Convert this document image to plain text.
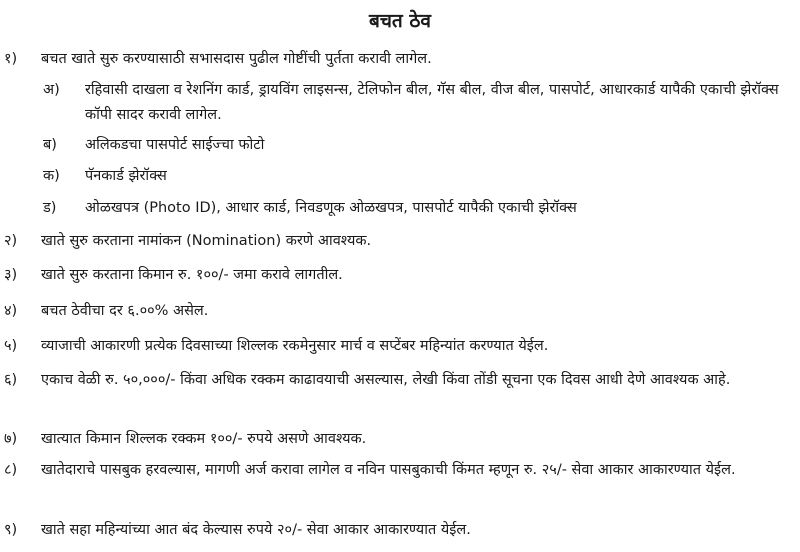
बचत ठेव
१)	बचत खाते सुरु करण्यासाठी सभासदास पुढील गोष्टींची पुर्तता करावी लागेल.
अ)	रहिवासी दाखला व रेशनिंग कार्ड, ड्रायविंग लाइसन्स, टेलिफोन बील, गॅस बील, वीज बील, पासपोर्ट, आधारकार्ड यापैकी एकाची झेरॉक्स कॉपी सादर करावी लागेल.
ब)	अलिकडचा पासपोर्ट साईज्चा फोटो
क)	पॅनकार्ड झेरॉक्स
ड)	ओळखपत्र (Photo ID), आधार कार्ड, निवडणूक ओळखपत्र, पासपोर्ट यापैकी एकाची झेरॉक्स
२)	खाते सुरु करताना नामांकन (Nomination) करणे आवश्यक.
३)	खाते सुरु करताना किमान रु. १००/- जमा करावे लागतील.
४)	बचत ठेवीचा दर ६.००% असेल.
५)	व्याजाची आकारणी प्रत्येक दिवसाच्या शिल्लक रकमेनुसार मार्च व सप्टेंबर महिन्यांत करण्यात येईल.
६)	एकाच वेळी रु. ५०,०००/- किंवा अधिक रक्कम काढावयाची असल्यास, लेखी किंवा तोंडी सूचना एक दिवस आधी देणे आवश्यक आहे.
७)	खात्यात किमान शिल्लक रक्कम १००/- रुपये असणे आवश्यक.
८)	खातेदाराचे पासबुक हरवल्यास, मागणी अर्ज करावा लागेल व नविन पासबुकाची किंमत म्हणून रु. २५/- सेवा आकार आकारण्यात येईल.
९)	खाते सहा महिन्यांच्या आत बंद केल्यास रुपये २०/- सेवा आकार आकारण्यात येईल.
